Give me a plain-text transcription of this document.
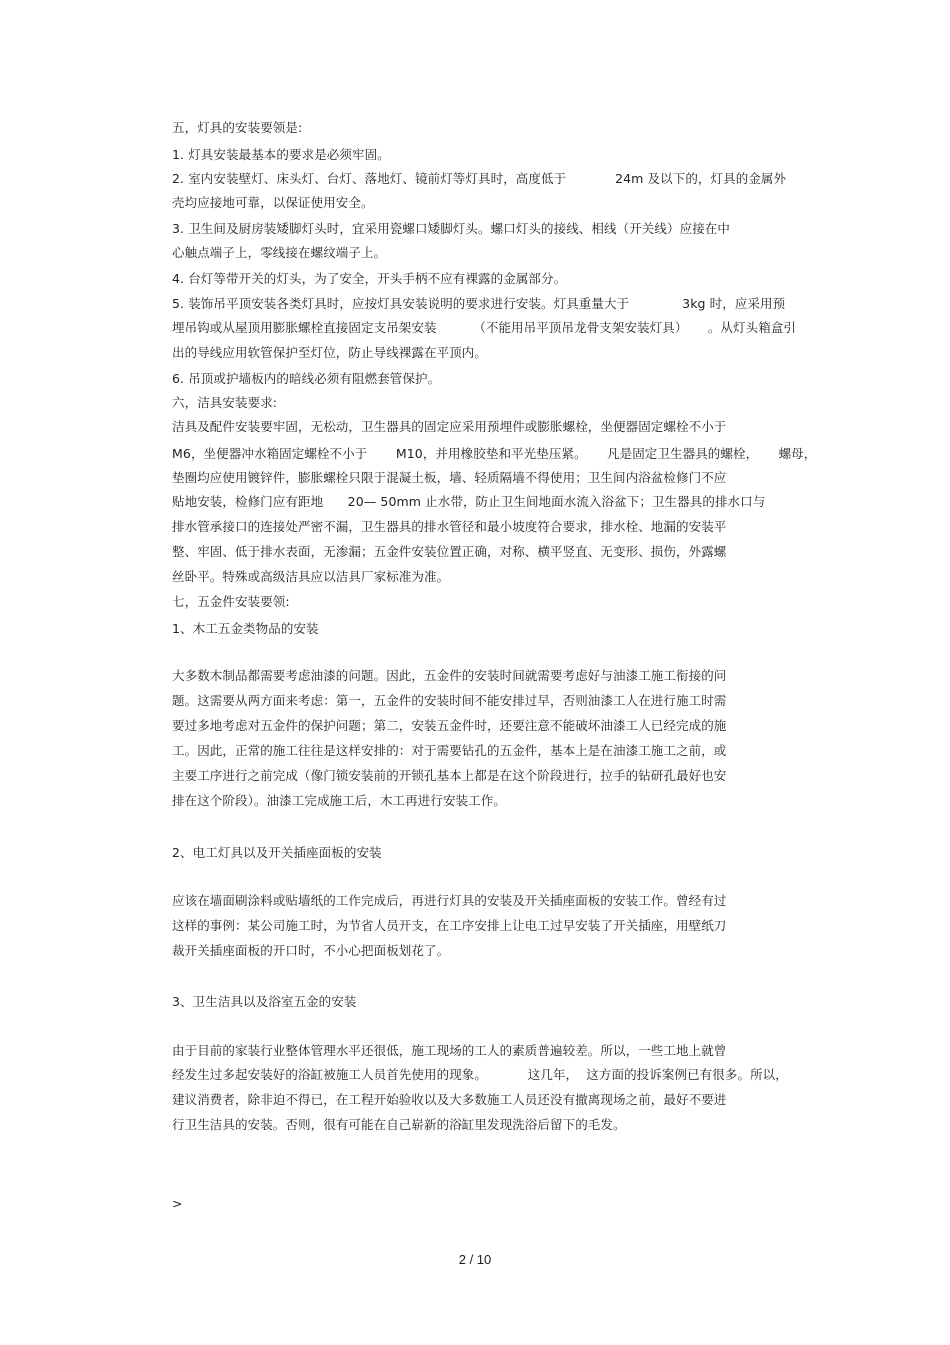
五，灯具的安装要领是:
1. 灯具安装最基本的要求是必须牢固。
2. 室内安装壁灯、床头灯、台灯、落地灯、镜前灯等灯具时，高度低于            24m 及以下的，灯具的金属外
壳均应接地可靠，以保证使用安全。
3. 卫生间及厨房装矮脚灯头时，宜采用瓷螺口矮脚灯头。螺口灯头的接线、相线（开关线）应接在中
心触点端子上，零线接在螺纹端子上。
4. 台灯等带开关的灯头，为了安全，开头手柄不应有裸露的金属部分。
5. 装饰吊平顶安装各类灯具时，应按灯具安装说明的要求进行安装。灯具重量大于             3kg 时，应采用预
埋吊钩或从屋顶用膨胀螺栓直接固定支吊架安装         （不能用吊平顶吊龙骨支架安装灯具）     。从灯头箱盒引
出的导线应用软管保护至灯位，防止导线裸露在平顶内。
6. 吊顶或护墙板内的暗线必须有阻燃套管保护。
六，洁具安装要求:
洁具及配件安装要牢固，无松动，卫生器具的固定应采用预埋件或膨胀螺栓，坐便器固定螺栓不小于
M6，坐便器冲水箱固定螺栓不小于       M10，并用橡胶垫和平光垫压紧。     凡是固定卫生器具的螺栓，     螺母，
垫圈均应使用镀锌件，膨胀螺栓只限于混凝土板，墙、轻质隔墙不得使用；卫生间内浴盆检修门不应
贴地安装，检修门应有距地      20— 50mm 止水带，防止卫生间地面水流入浴盆下；卫生器具的排水口与
排水管承接口的连接处严密不漏，卫生器具的排水管径和最小坡度符合要求，排水栓、地漏的安装平
整、牢固、低于排水表面，无渗漏；五金件安装位置正确，对称、横平竖直、无变形、损伤，外露螺
丝卧平。特殊或高级洁具应以洁具厂家标准为准。
七，五金件安装要领:
1、木工五金类物品的安装
大多数木制品都需要考虑油漆的问题。因此，五金件的安装时间就需要考虑好与油漆工施工衔接的问
题。这需要从两方面来考虑：第一，五金件的安装时间不能安排过早，否则油漆工人在进行施工时需
要过多地考虑对五金件的保护问题；第二，安装五金件时，还要注意不能破坏油漆工人已经完成的施
工。因此，正常的施工往往是这样安排的：对于需要钻孔的五金件，基本上是在油漆工施工之前，或
主要工序进行之前完成（像门锁安装前的开锁孔基本上都是在这个阶段进行，拉手的钻研孔最好也安
排在这个阶段）。油漆工完成施工后，木工再进行安装工作。
2、电工灯具以及开关插座面板的安装
应该在墙面刷涂料或贴墙纸的工作完成后，再进行灯具的安装及开关插座面板的安装工作。曾经有过
这样的事例：某公司施工时，为节省人员开支，在工序安排上让电工过早安装了开关插座，用壁纸刀
裁开关插座面板的开口时，不小心把面板划花了。
3、卫生洁具以及浴室五金的安装
由于目前的家装行业整体管理水平还很低，施工现场的工人的素质普遍较差。所以，一些工地上就曾
经发生过多起安装好的浴缸被施工人员首先使用的现象。          这几年，  这方面的投诉案例已有很多。所以，
建议消费者，除非迫不得已，在工程开始验收以及大多数施工人员还没有撤离现场之前，最好不要进
行卫生洁具的安装。否则，很有可能在自己崭新的浴缸里发现洗浴后留下的毛发。
>
2 / 10
